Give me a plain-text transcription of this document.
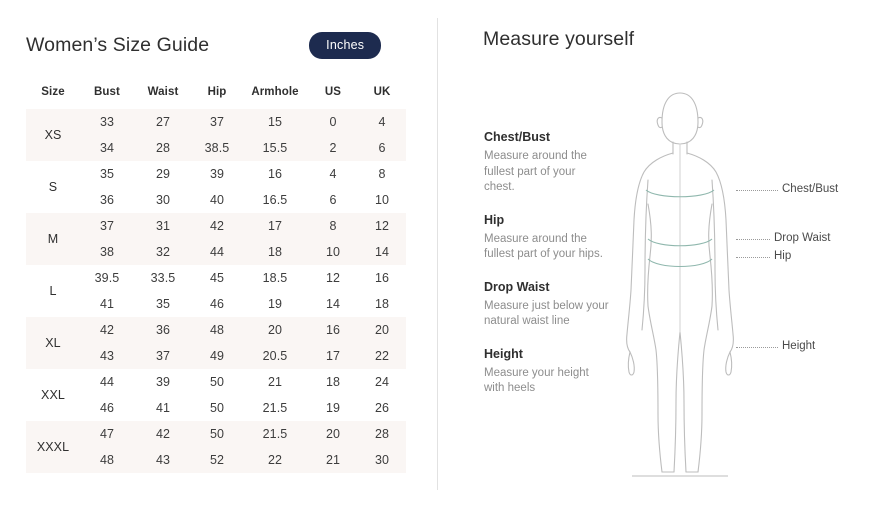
Women’s Size Guide	Inches
Size	Bust	Waist	Hip	Armhole	US	UK
XS	33	27	37	15	0	4
	34	28	38.5	15.5	2	6
S	35	29	39	16	4	8
	36	30	40	16.5	6	10
M	37	31	42	17	8	12
	38	32	44	18	10	14
L	39.5	33.5	45	18.5	12	16
	41	35	46	19	14	18
XL	42	36	48	20	16	20
	43	37	49	20.5	17	22
XXL	44	39	50	21	18	24
	46	41	50	21.5	19	26
XXXL	47	42	50	21.5	20	28
	48	43	52	22	21	30
Measure yourself
Chest/Bust
Measure around the fullest part of your chest.
Hip
Measure around the fullest part of your hips.
Drop Waist
Measure just below your natural waist line
Height
Measure your height with heels
Chest/Bust
Drop Waist
Hip
Height
